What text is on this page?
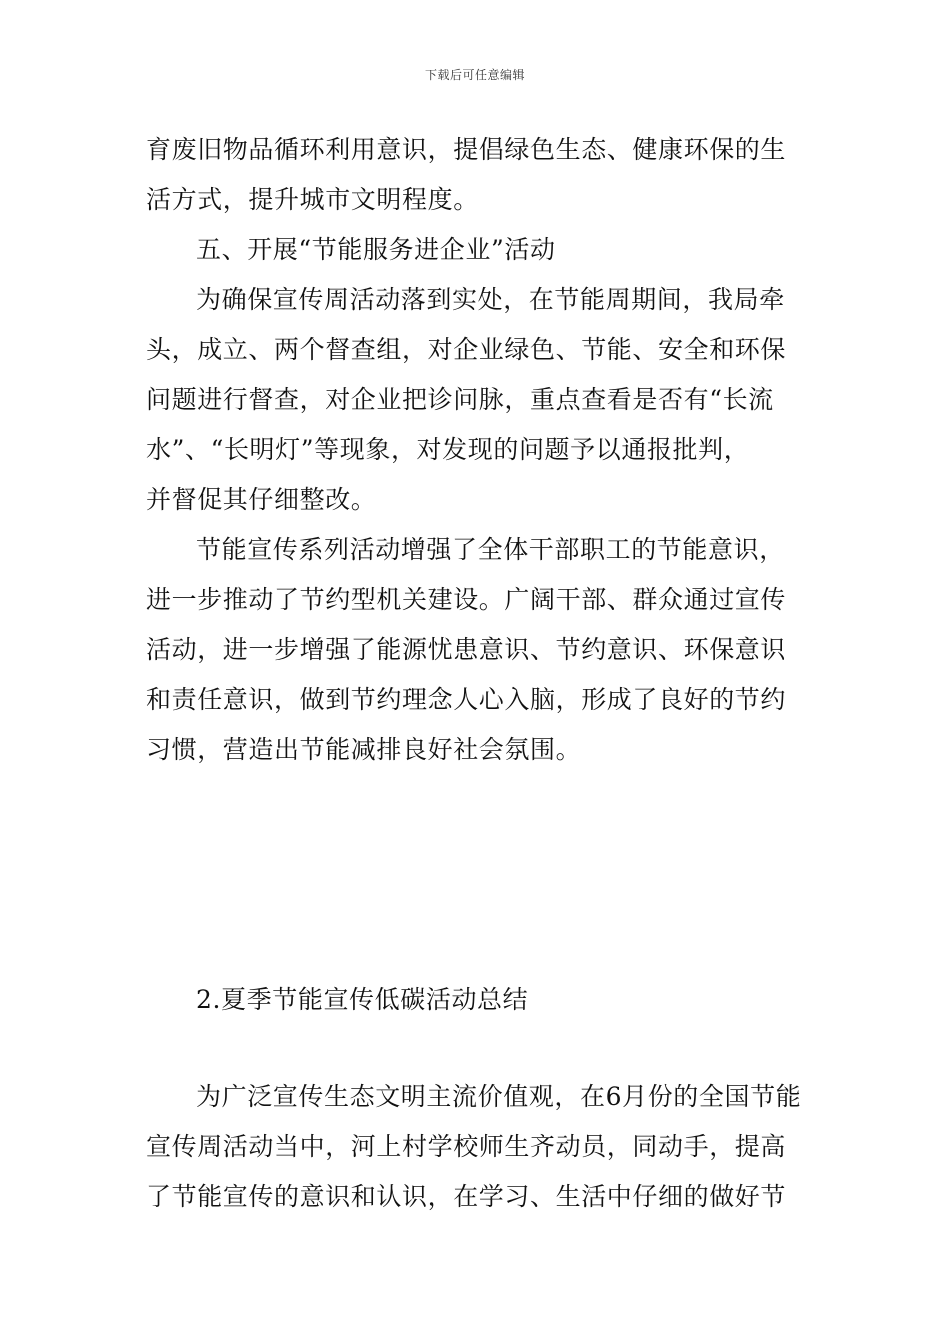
下载后可任意编辑
育废旧物品循环利用意识，提倡绿色生态、健康环保的生
活方式，提升城市文明程度。
五、开展“节能服务进企业”活动
为确保宣传周活动落到实处，在节能周期间，我局牵
头，成立、两个督查组，对企业绿色、节能、安全和环保
问题进行督查，对企业把诊问脉，重点查看是否有“长流
水”、“长明灯”等现象，对发现的问题予以通报批判，
并督促其仔细整改。
节能宣传系列活动增强了全体干部职工的节能意识，
进一步推动了节约型机关建设。广阔干部、群众通过宣传
活动，进一步增强了能源忧患意识、节约意识、环保意识
和责任意识，做到节约理念人心入脑，形成了良好的节约
习惯，营造出节能减排良好社会氛围。
2.夏季节能宣传低碳活动总结
为广泛宣传生态文明主流价值观，在6月份的全国节能
宣传周活动当中，河上村学校师生齐动员，同动手，提高
了节能宣传的意识和认识，在学习、生活中仔细的做好节
